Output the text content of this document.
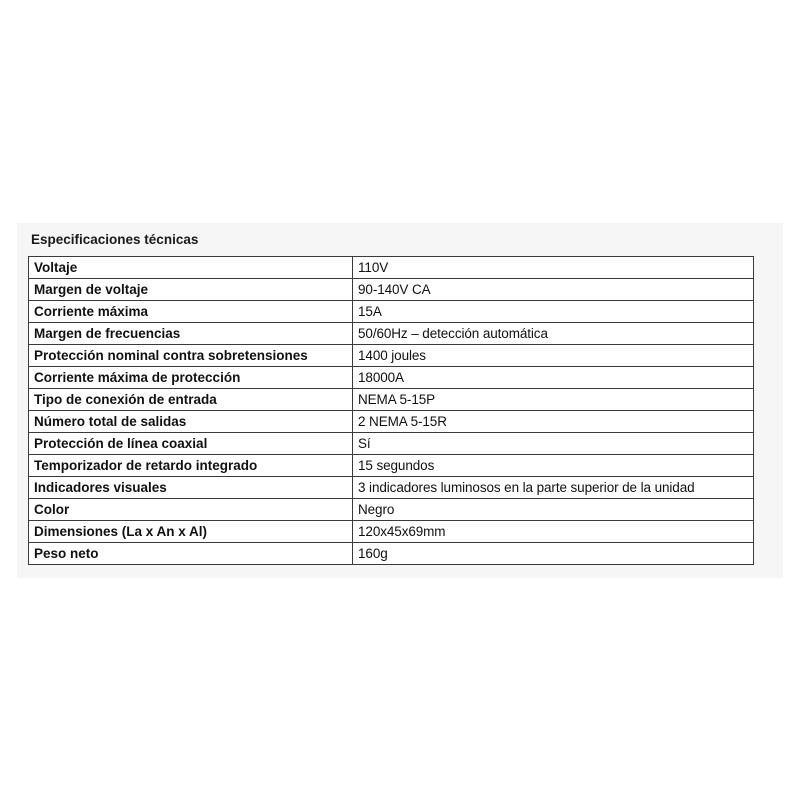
Especificaciones técnicas
Voltaje	110V
Margen de voltaje	90-140V CA
Corriente máxima	15A
Margen de frecuencias	50/60Hz – detección automática
Protección nominal contra sobretensiones	1400 joules
Corriente máxima de protección	18000A
Tipo de conexión de entrada	NEMA 5-15P
Número total de salidas	2 NEMA 5-15R
Protección de línea coaxial	Sí
Temporizador de retardo integrado	15 segundos
Indicadores visuales	3 indicadores luminosos en la parte superior de la unidad
Color	Negro
Dimensiones (La x An x Al)	120x45x69mm
Peso neto	160g
